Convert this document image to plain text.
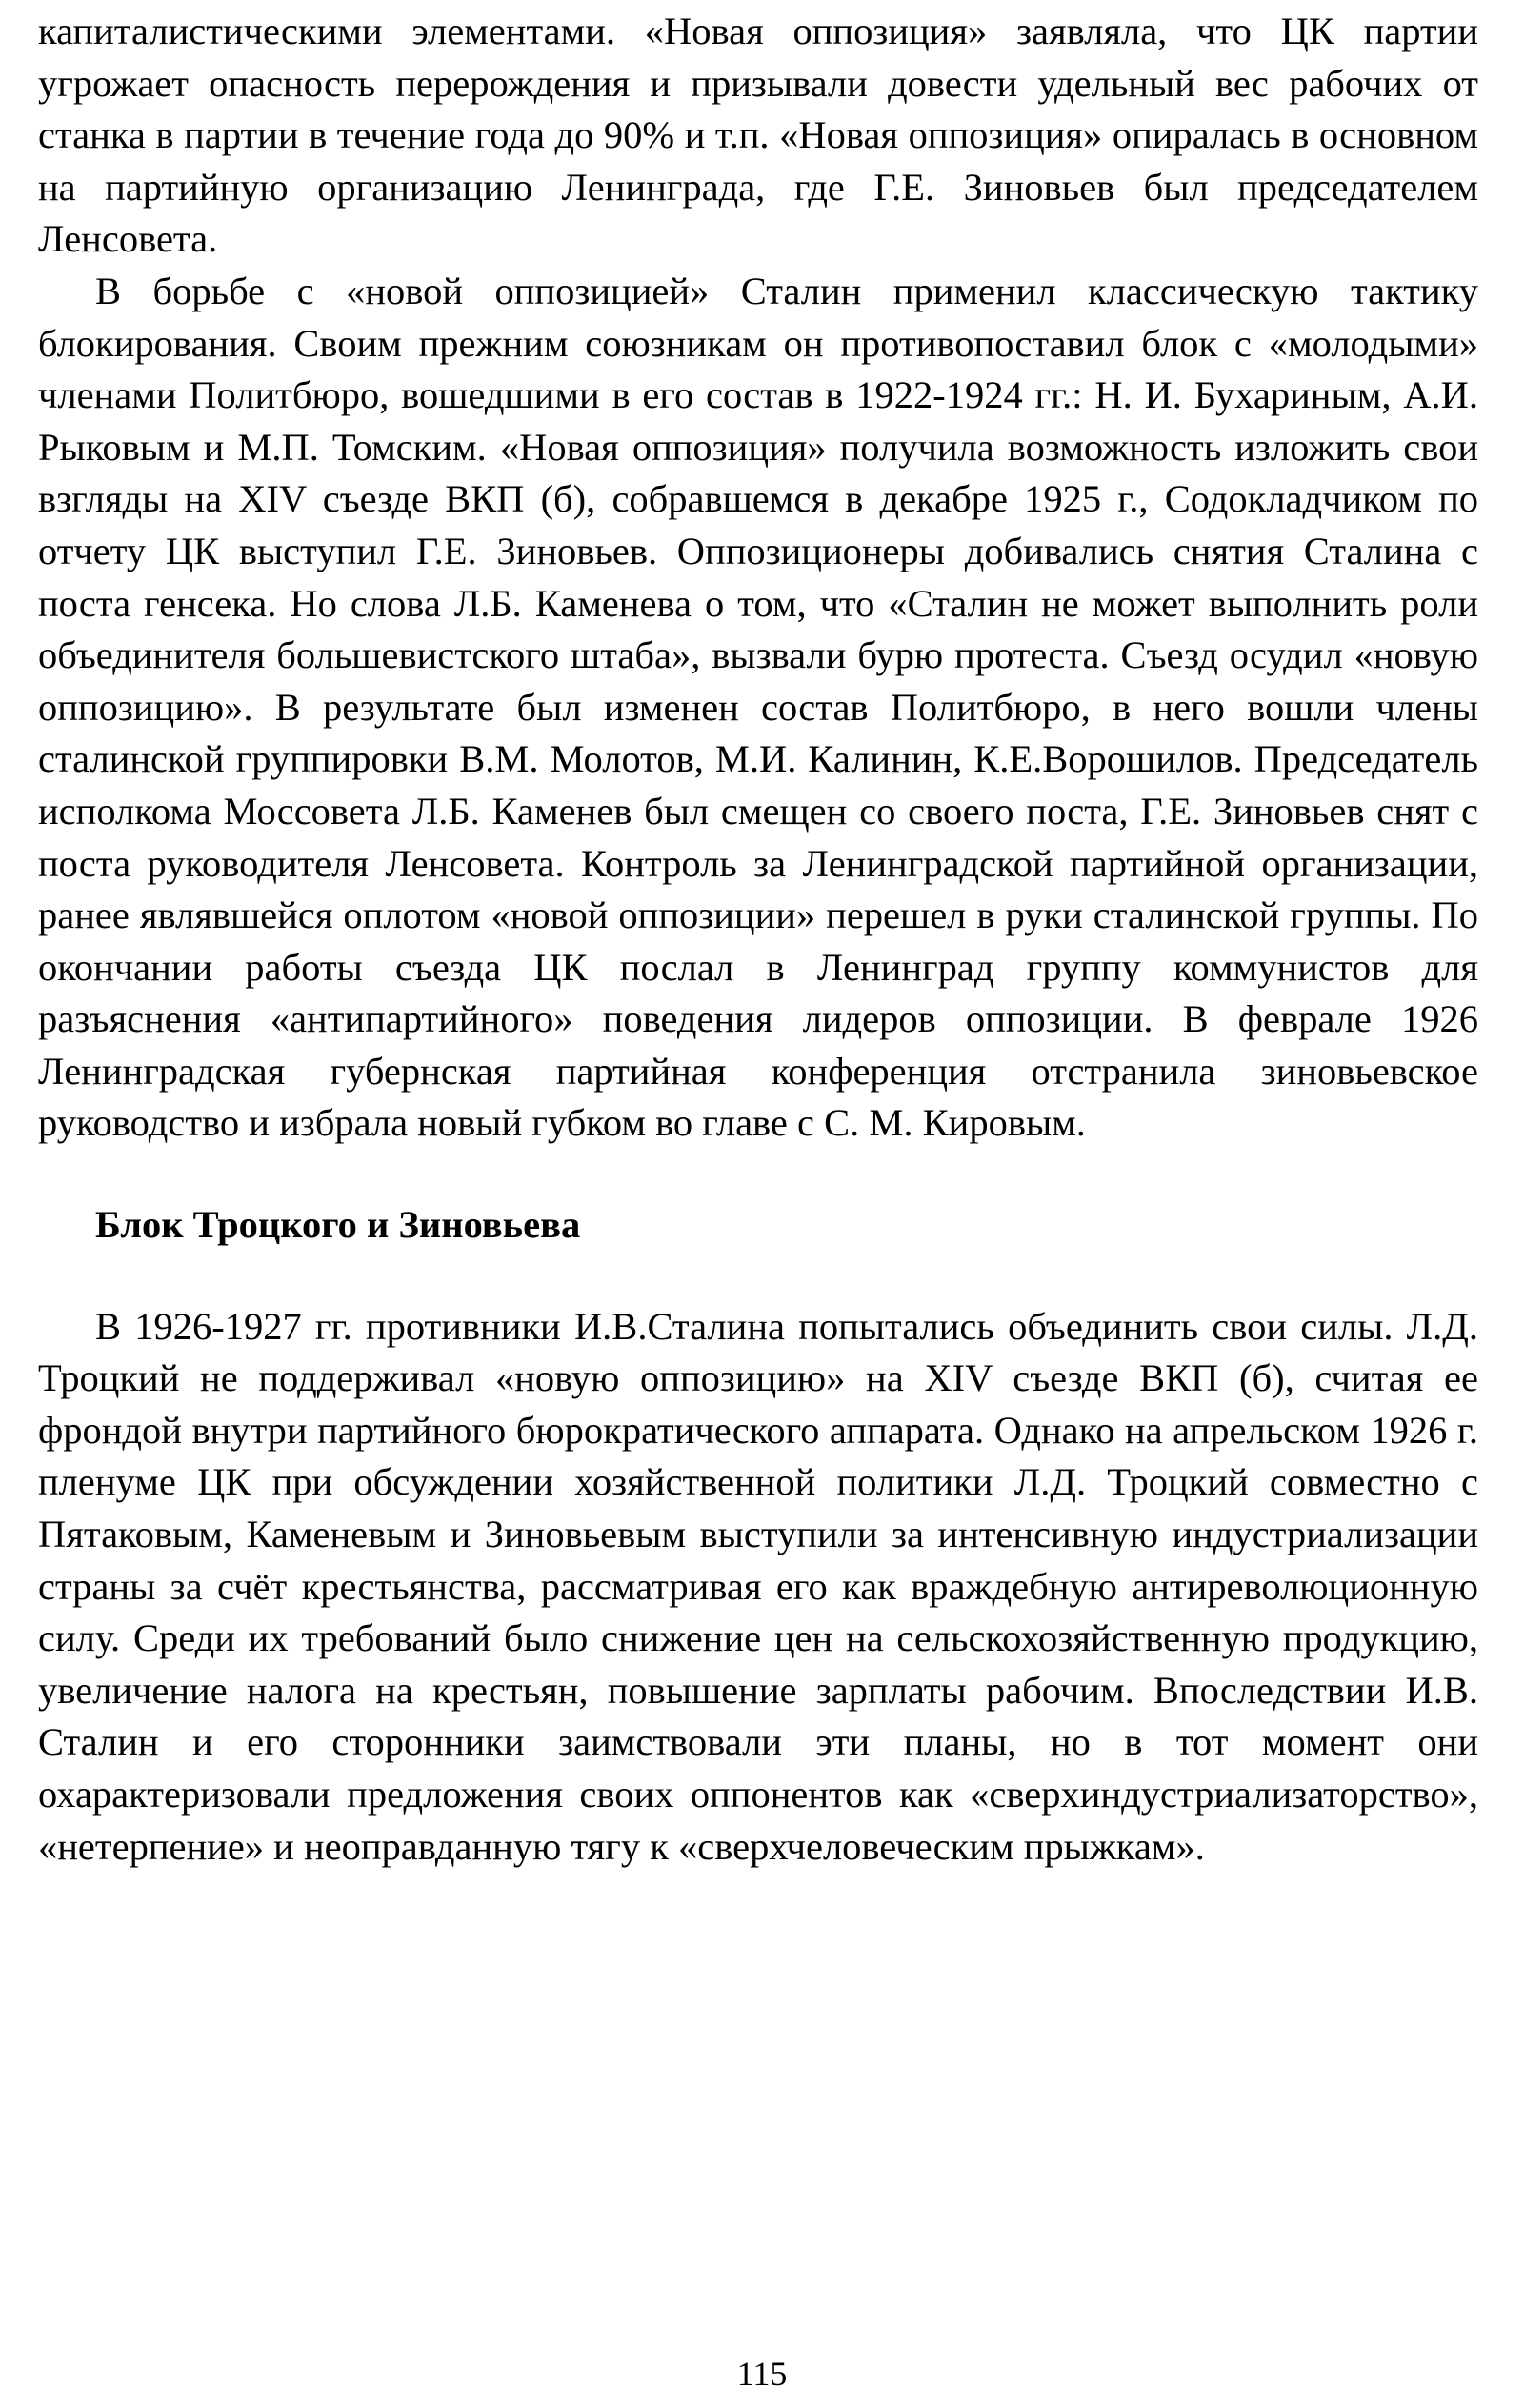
капиталистическими элементами. «Новая оппозиция» заявляла, что ЦК партии угрожает опасность перерождения и призывали довести удельный вес рабочих от станка в партии в течение года до 90% и т.п. «Новая оппозиция» опиралась в основном на партийную организацию Ленинграда, где Г.Е. Зиновьев был председателем Ленсовета.

В борьбе с «новой оппозицией» Сталин применил классическую тактику блокирования. Своим прежним союзникам он противопоставил блок с «молодыми» членами Политбюро, вошедшими в его состав в 1922-1924 гг.: Н. И. Бухариным, А.И. Рыковым и М.П. Томским. «Новая оппозиция» получила возможность изложить свои взгляды на XIV съезде ВКП (б), собравшемся в декабре 1925 г., Содокладчиком по отчету ЦК выступил Г.Е. Зиновьев. Оппозиционеры добивались снятия Сталина с поста генсека. Но слова Л.Б. Каменева о том, что «Сталин не может выполнить роли объединителя большевистского штаба», вызвали бурю протеста. Съезд осудил «новую оппозицию». В результате был изменен состав Политбюро, в него вошли члены сталинской группировки В.М. Молотов, М.И. Калинин, К.Е.Ворошилов. Председатель исполкома Моссовета Л.Б. Каменев был смещен со своего поста, Г.Е. Зиновьев снят с поста руководителя Ленсовета. Контроль за Ленинградской партийной организации, ранее являвшейся оплотом «новой оппозиции» перешел в руки сталинской группы. По окончании работы съезда ЦК послал в Ленинград группу коммунистов для разъяснения «антипартийного» поведения лидеров оппозиции. В феврале 1926 Ленинградская губернская партийная конференция отстранила зиновьевское руководство и избрала новый губком во главе с С. М. Кировым.

Блок Троцкого и Зиновьева

В 1926-1927 гг. противники И.В.Сталина попытались объединить свои силы. Л.Д. Троцкий не поддерживал «новую оппозицию» на XIV съезде ВКП (б), считая ее фрондой внутри партийного бюрократического аппарата. Однако на апрельском 1926 г. пленуме ЦК при обсуждении хозяйственной политики Л.Д. Троцкий совместно с Пятаковым, Каменевым и Зиновьевым выступили за интенсивную индустриализации страны за счёт крестьянства, рассматривая его как враждебную антиреволюционную силу. Среди их требований было снижение цен на сельскохозяйственную продукцию, увеличение налога на крестьян, повышение зарплаты рабочим. Впоследствии И.В. Сталин и его сторонники заимствовали эти планы, но в тот момент они охарактеризовали предложения своих оппонентов как «сверхиндустриализаторство», «нетерпение» и неоправданную тягу к «сверхчеловеческим прыжкам».

115
